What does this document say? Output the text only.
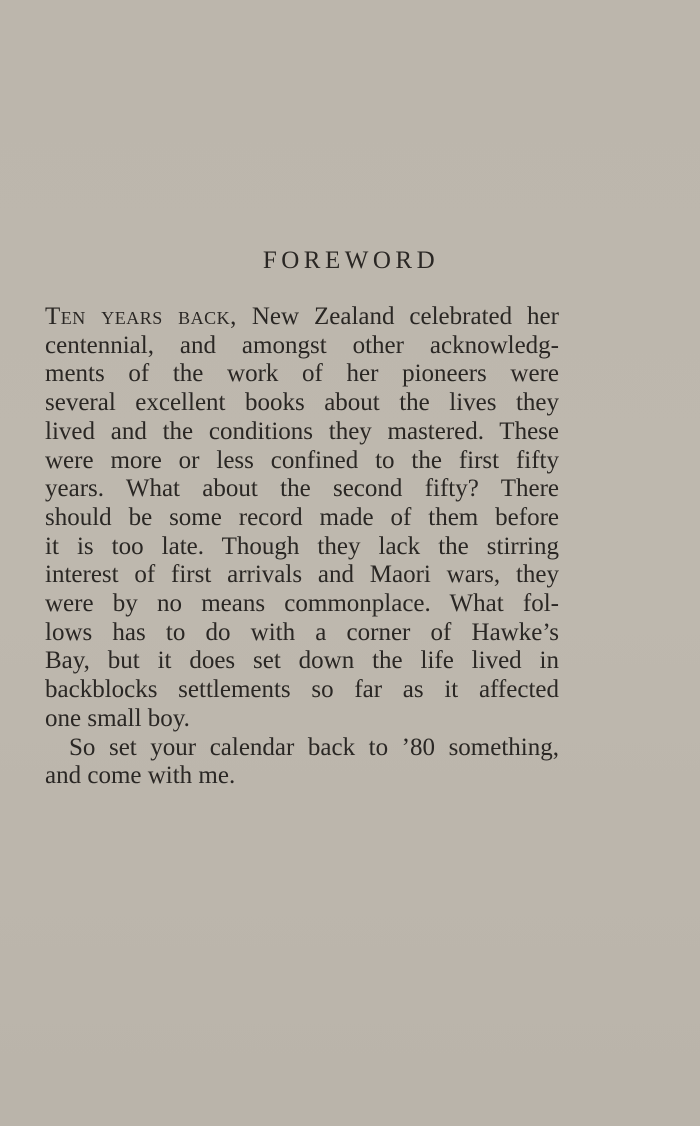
FOREWORD

Ten years back, New Zealand celebrated her
centennial, and amongst other acknowledg-
ments of the work of her pioneers were
several excellent books about the lives they
lived and the conditions they mastered. These
were more or less confined to the first fifty
years. What about the second fifty? There
should be some record made of them before
it is too late. Though they lack the stirring
interest of first arrivals and Maori wars, they
were by no means commonplace. What fol-
lows has to do with a corner of Hawke’s
Bay, but it does set down the life lived in
backblocks settlements so far as it affected
one small boy.

So set your calendar back to ’80 something,
and come with me.
